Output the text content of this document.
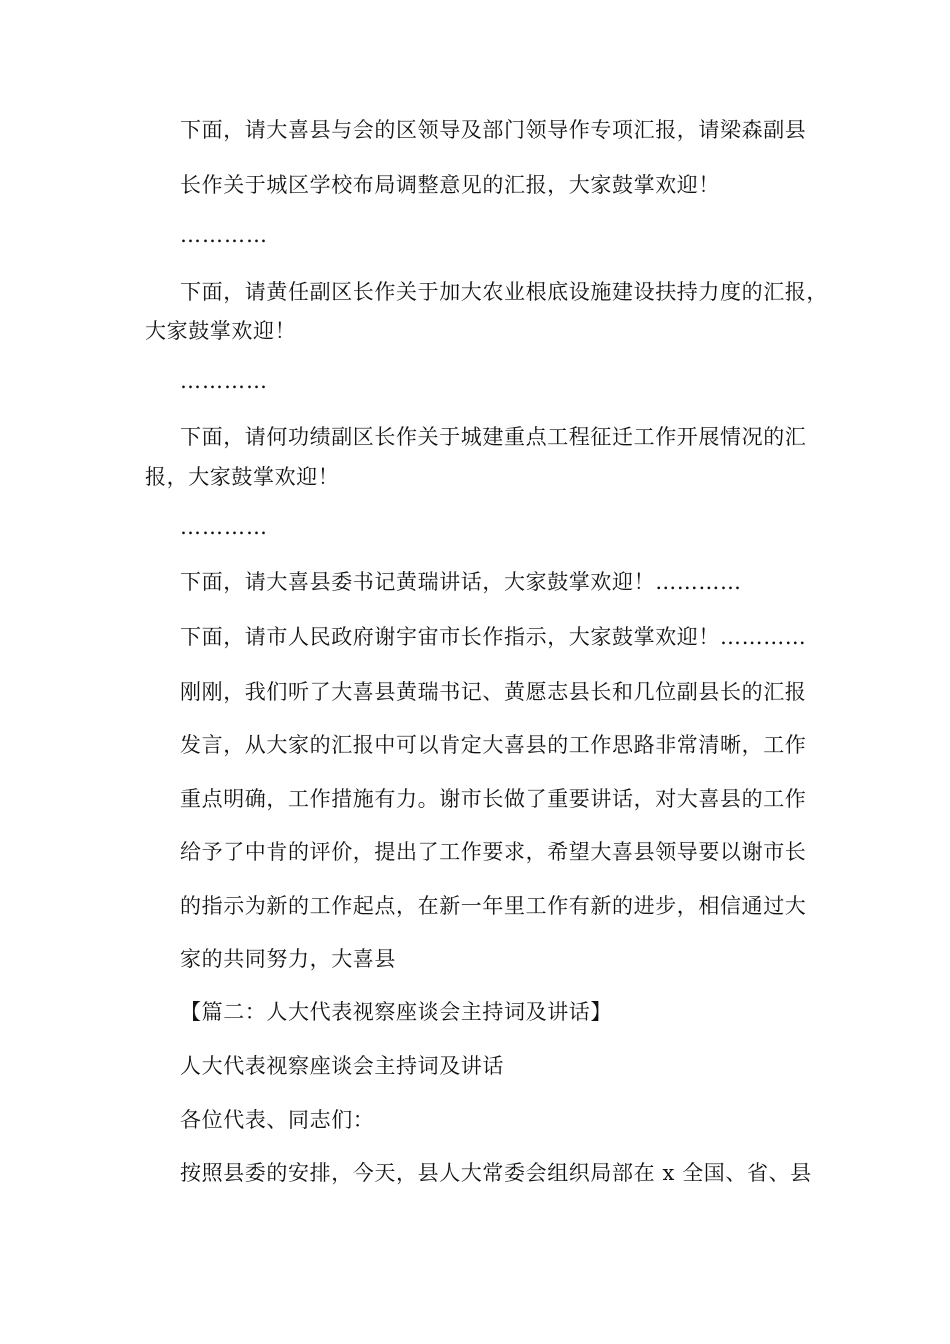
下面，请大喜县与会的区领导及部门领导作专项汇报，请梁森副县
长作关于城区学校布局调整意见的汇报，大家鼓掌欢迎！
…………
下面，请黄任副区长作关于加大农业根底设施建设扶持力度的汇报，
大家鼓掌欢迎！
…………
下面，请何功绩副区长作关于城建重点工程征迁工作开展情况的汇
报，大家鼓掌欢迎！
…………
下面，请大喜县委书记黄瑞讲话，大家鼓掌欢迎！…………
下面，请市人民政府谢宇宙市长作指示，大家鼓掌欢迎！…………
刚刚，我们听了大喜县黄瑞书记、黄愿志县长和几位副县长的汇报
发言，从大家的汇报中可以肯定大喜县的工作思路非常清晰，工作
重点明确，工作措施有力。谢市长做了重要讲话，对大喜县的工作
给予了中肯的评价，提出了工作要求，希望大喜县领导要以谢市长
的指示为新的工作起点，在新一年里工作有新的进步，相信通过大
家的共同努力，大喜县
【篇二：人大代表视察座谈会主持词及讲话】
人大代表视察座谈会主持词及讲话
各位代表、同志们：
按照县委的安排，今天，县人大常委会组织局部在 x 全国、省、县
